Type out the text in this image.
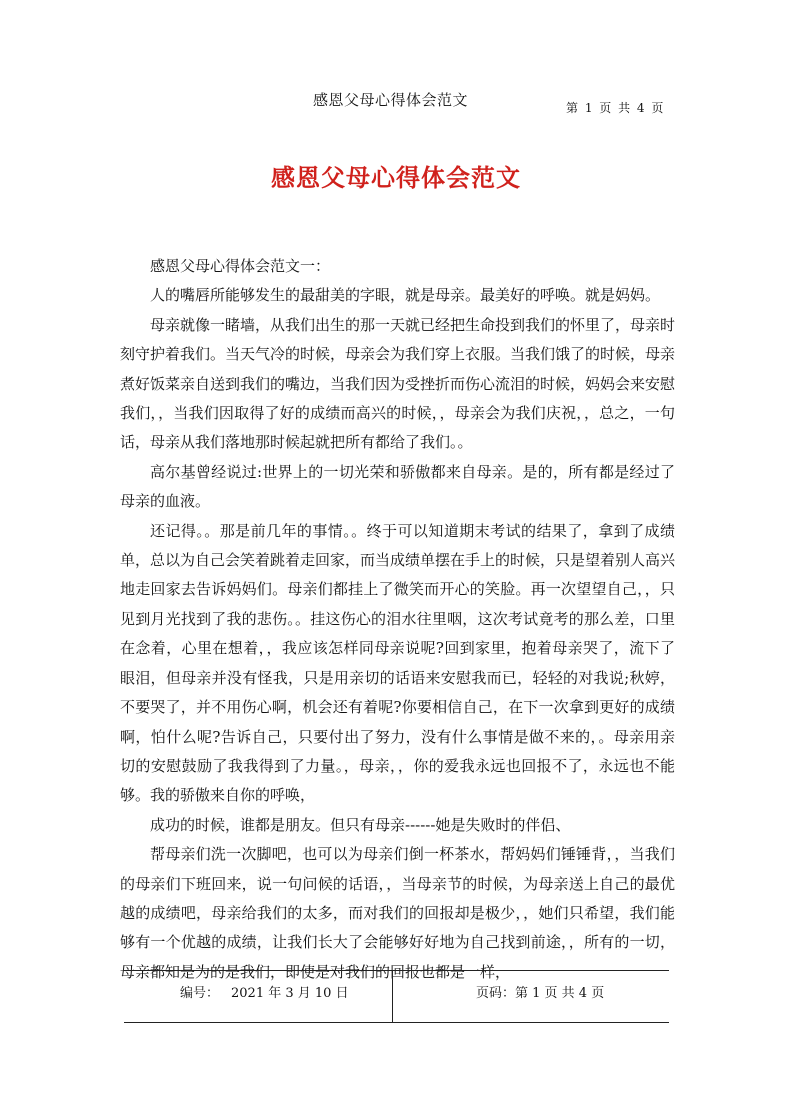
感恩父母心得体会范文	第 1 页 共 4 页
感恩父母心得体会范文

感恩父母心得体会范文一：

人的嘴唇所能够发生的最甜美的字眼，就是母亲。最美好的呼唤。就是妈妈。

母亲就像一睹墙，从我们出生的那一天就已经把生命投到我们的怀里了，母亲时刻守护着我们。当天气冷的时候，母亲会为我们穿上衣服。当我们饿了的时候，母亲煮好饭菜亲自送到我们的嘴边，当我们因为受挫折而伤心流泪的时候，妈妈会来安慰我们，，当我们因取得了好的成绩而高兴的时候，，母亲会为我们庆祝，，总之，一句话，母亲从我们落地那时候起就把所有都给了我们。。

高尔基曾经说过:世界上的一切光荣和骄傲都来自母亲。是的，所有都是经过了母亲的血液。

还记得。。那是前几年的事情。。终于可以知道期末考试的结果了，拿到了成绩单，总以为自己会笑着跳着走回家，而当成绩单摆在手上的时候，只是望着别人高兴地走回家去告诉妈妈们。母亲们都挂上了微笑而开心的笑脸。再一次望望自己，，只见到月光找到了我的悲伤。。挂这伤心的泪水往里咽，这次考试竟考的那么差，口里在念着，心里在想着，，我应该怎样同母亲说呢?回到家里，抱着母亲哭了，流下了眼泪，但母亲并没有怪我，只是用亲切的话语来安慰我而已，轻轻的对我说;秋婷，不要哭了，并不用伤心啊，机会还有着呢?你要相信自己，在下一次拿到更好的成绩啊，怕什么呢?告诉自己，只要付出了努力，没有什么事情是做不来的，。母亲用亲切的安慰鼓励了我我得到了力量。，母亲，，你的爱我永远也回报不了，永远也不能够。我的骄傲来自你的呼唤，

成功的时候，谁都是朋友。但只有母亲------她是失败时的伴侣、

帮母亲们洗一次脚吧，也可以为母亲们倒一杯茶水，帮妈妈们锤锤背，，当我们的母亲们下班回来，说一句问候的话语，，当母亲节的时候，为母亲送上自己的最优越的成绩吧，母亲给我们的太多，而对我们的回报却是极少，，她们只希望，我们能够有一个优越的成绩，让我们长大了会能够好好地为自己找到前途，，所有的一切，母亲都知是为的是我们，即使是对我们的回报也都是一样，

编号： 2021 年 3 月 10 日	页码：第 1 页 共 4 页
